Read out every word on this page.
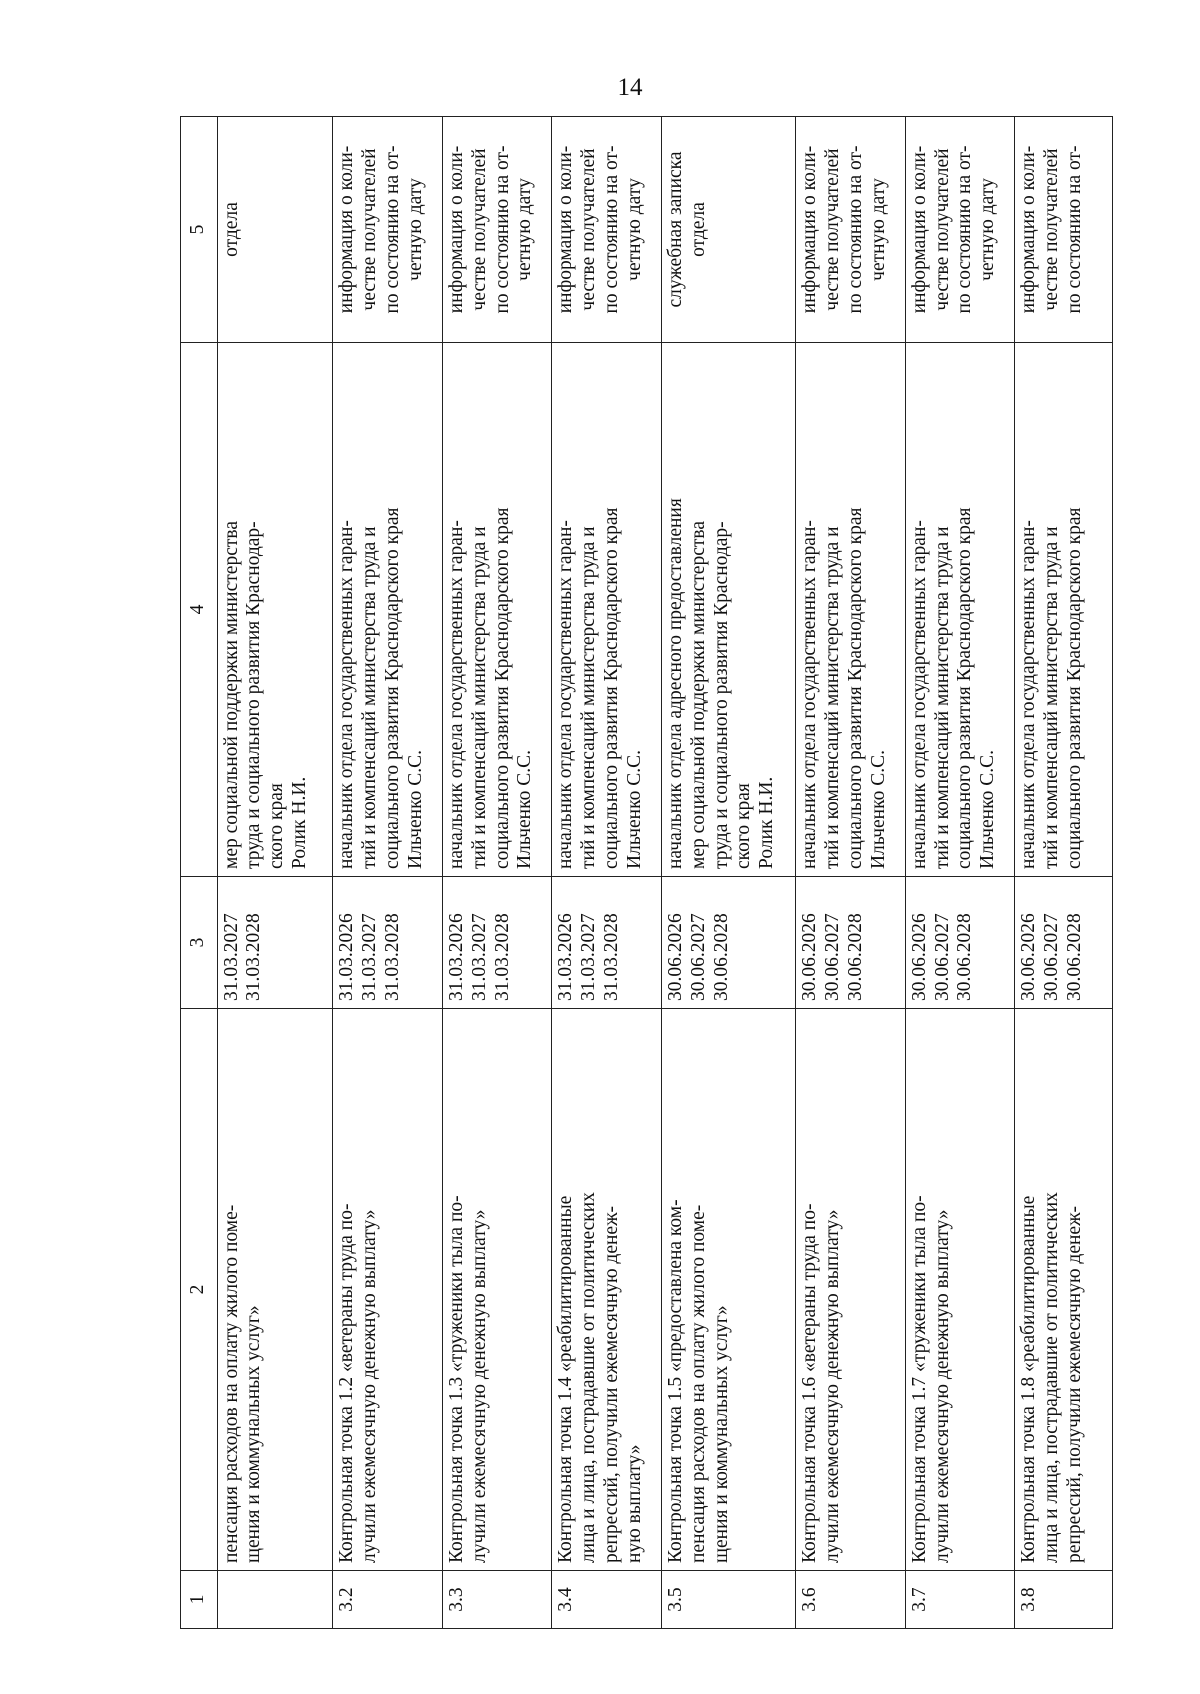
14
1	2	3	4	5

	пенсация расходов на оплату жилого поме- щения и коммунальных услуг»	31.03.2027 31.03.2028	мер социальной поддержки министерства труда и социального развития Краснодар- ского края Ролик Н.И.	отдела

3.2	Контрольная точка 1.2 «ветераны труда по- лучили ежемесячную денежную выплату»	31.03.2026 31.03.2027 31.03.2028	начальник отдела государственных гаран- тий и компенсаций министерства труда и социального развития Краснодарского края Ильченко С.С.	информация о коли- честве получателей по состоянию на от- четную дату

3.3	Контрольная точка 1.3 «труженики тыла по- лучили ежемесячную денежную выплату»	31.03.2026 31.03.2027 31.03.2028	начальник отдела государственных гаран- тий и компенсаций министерства труда и социального развития Краснодарского края Ильченко С.С.	информация о коли- честве получателей по состоянию на от- четную дату

3.4	Контрольная точка 1.4 «реабилитированные лица и лица, пострадавшие от политических репрессий, получили ежемесячную денеж- ную выплату»	31.03.2026 31.03.2027 31.03.2028	начальник отдела государственных гаран- тий и компенсаций министерства труда и социального развития Краснодарского края Ильченко С.С.	информация о коли- честве получателей по состоянию на от- четную дату

3.5	Контрольная точка 1.5 «предоставлена ком- пенсация расходов на оплату жилого поме- щения и коммунальных услуг»	30.06.2026 30.06.2027 30.06.2028	начальник отдела адресного предоставления мер социальной поддержки министерства труда и социального развития Краснодар- ского края Ролик Н.И.	служебная записка отдела

3.6	Контрольная точка 1.6 «ветераны труда по- лучили ежемесячную денежную выплату»	30.06.2026 30.06.2027 30.06.2028	начальник отдела государственных гаран- тий и компенсаций министерства труда и социального развития Краснодарского края Ильченко С.С.	информация о коли- честве получателей по состоянию на от- четную дату

3.7	Контрольная точка 1.7 «труженики тыла по- лучили ежемесячную денежную выплату»	30.06.2026 30.06.2027 30.06.2028	начальник отдела государственных гаран- тий и компенсаций министерства труда и социального развития Краснодарского края Ильченко С.С.	информация о коли- честве получателей по состоянию на от- четную дату

3.8	Контрольная точка 1.8 «реабилитированные лица и лица, пострадавшие от политических репрессий, получили ежемесячную денеж-	30.06.2026 30.06.2027 30.06.2028	начальник отдела государственных гаран- тий и компенсаций министерства труда и социального развития Краснодарского края	информация о коли- честве получателей по состоянию на от-
